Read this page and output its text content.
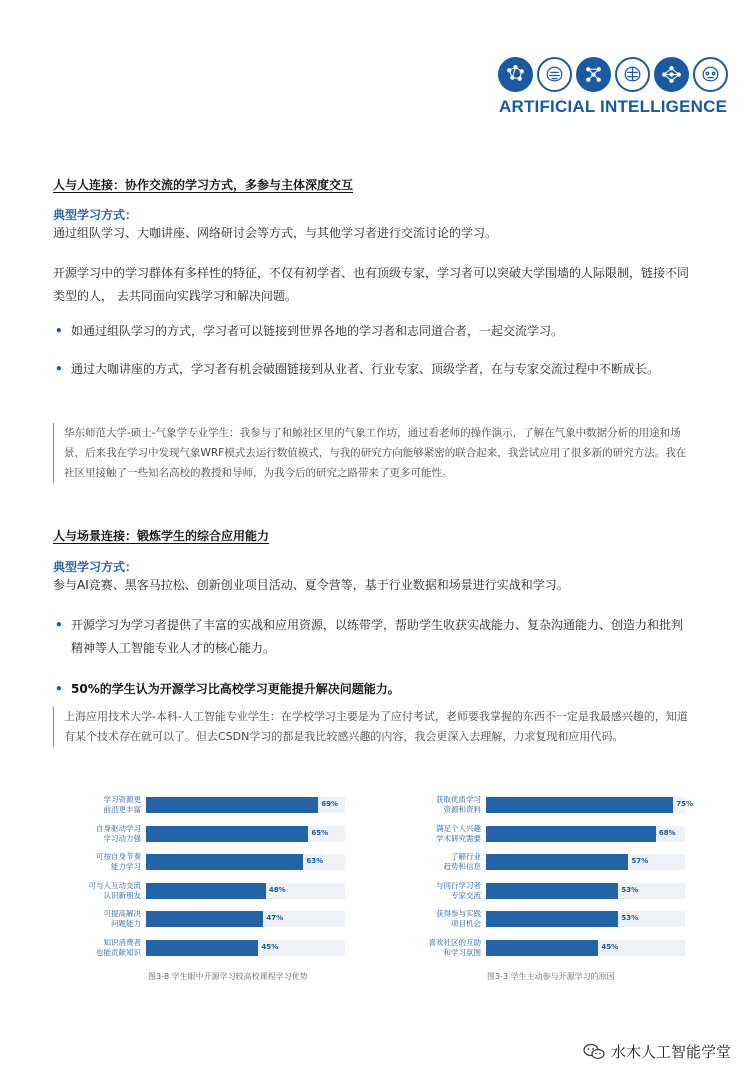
ARTIFICIAL INTELLIGENCE
人与人连接：协作交流的学习方式，多参与主体深度交互
典型学习方式：
通过组队学习、大咖讲座、网络研讨会等方式，与其他学习者进行交流讨论的学习。
开源学习中的学习群体有多样性的特征，不仅有初学者、也有顶级专家，学习者可以突破大学围墙的人际限制，链接不同类型的人， 去共同面向实践学习和解决问题。
• 如通过组队学习的方式，学习者可以链接到世界各地的学习者和志同道合者，一起交流学习。
• 通过大咖讲座的方式，学习者有机会破圈链接到从业者、行业专家、顶级学者，在与专家交流过程中不断成长。
华东师范大学-硕士-气象学专业学生：我参与了和鲸社区里的气象工作坊，通过看老师的操作演示，了解在气象中数据分析的用途和场景，后来我在学习中发现气象WRF模式去运行数值模式，与我的研究方向能够紧密的联合起来，我尝试应用了很多新的研究方法。我在社区里接触了一些知名高校的教授和导师，为我今后的研究之路带来了更多可能性。
人与场景连接：锻炼学生的综合应用能力
典型学习方式：
参与AI竞赛、黑客马拉松、创新创业项目活动、夏令营等，基于行业数据和场景进行实战和学习。
• 开源学习为学习者提供了丰富的实战和应用资源，以练带学，帮助学生收获实战能力、复杂沟通能力、创造力和批判精神等人工智能专业人才的核心能力。
• 50%的学生认为开源学习比高校学习更能提升解决问题能力。
上海应用技术大学-本科-人工智能专业学生：在学校学习主要是为了应付考试，老师要我掌握的东西不一定是我最感兴趣的，知道有某个技术存在就可以了。但去CSDN学习的都是我比较感兴趣的内容，我会更深入去理解，力求复现和应用代码。
学习资源更
前沿更丰富
69%
自身驱动学习
学习动力强
65%
可按自身节奏
能力学习
63%
可与人互动交流
认识新朋友
48%
可提高解决
问题能力
47%
知识消费者
也能贡献知识
45%
图3-8 学生眼中开源学习较高校课程学习优势
获取优质学习
资源和资料
75%
满足个人兴趣
学术研究需要
68%
了解行业
趋势和信息
57%
与同行学习者
专家交流
53%
获得参与实践
项目机会
53%
喜欢社区的互助
和学习氛围
45%
图3-3 学生主动参与开源学习的原因
水木人工智能学堂
